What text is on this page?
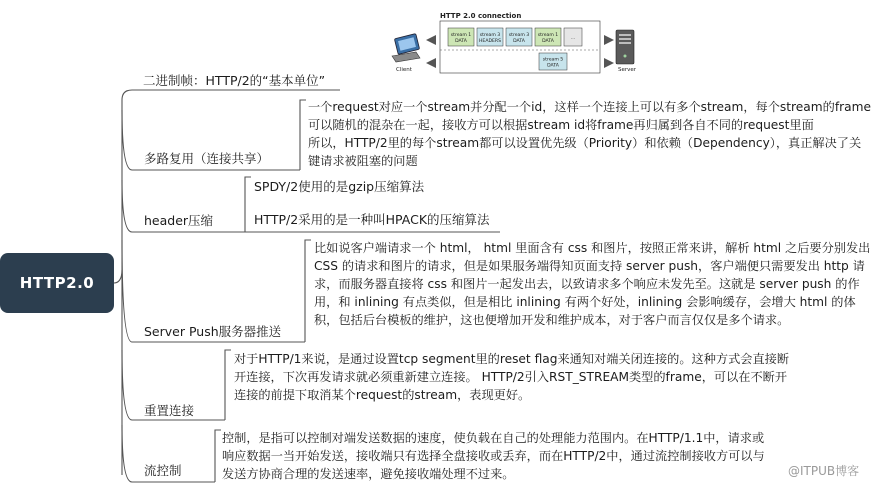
HTTP2.0
HTTP 2.0 connection
Client	Server
stream 1
DATA
stream 3
HEADERS
stream 3
DATA
stream 1
DATA
...
stream 5
DATA
二进制帧：HTTP/2的“基本单位”
多路复用（连接共享）
一个request对应一个stream并分配一个id，这样一个连接上可以有多个stream，每个stream的frame
可以随机的混杂在一起，接收方可以根据stream id将frame再归属到各自不同的request里面
所以，HTTP/2里的每个stream都可以设置优先级（Priority）和依赖（Dependency），真正解决了关
键请求被阻塞的问题
header压缩
SPDY/2使用的是gzip压缩算法
HTTP/2采用的是一种叫HPACK的压缩算法
Server Push服务器推送
比如说客户端请求一个 html， html 里面含有 css 和图片，按照正常来讲，解析 html 之后要分别发出
CSS 的请求和图片的请求，但是如果服务端得知页面支持 server push，客户端便只需要发出 http 请
求，而服务器直接将 css 和图片一起发出去，以致请求多个响应未发先至。这就是 server push 的作
用，和 inlining 有点类似，但是相比 inlining 有两个好处，inlining 会影响缓存，会增大 html 的体
积，包括后台模板的维护，这也便增加开发和维护成本，对于客户而言仅仅是多个请求。
重置连接
对于HTTP/1来说，是通过设置tcp segment里的reset flag来通知对端关闭连接的。这种方式会直接断
开连接，下次再发请求就必须重新建立连接。 HTTP/2引入RST_STREAM类型的frame，可以在不断开
连接的前提下取消某个request的stream，表现更好。
流控制
控制，是指可以控制对端发送数据的速度，使负载在自己的处理能力范围内。在HTTP/1.1中，请求或
响应数据一当开始发送，接收端只有选择全盘接收或丢弃，而在HTTP/2中，通过流控制接收方可以与
发送方协商合理的发送速率，避免接收端处理不过来。	@ITPUB博客
